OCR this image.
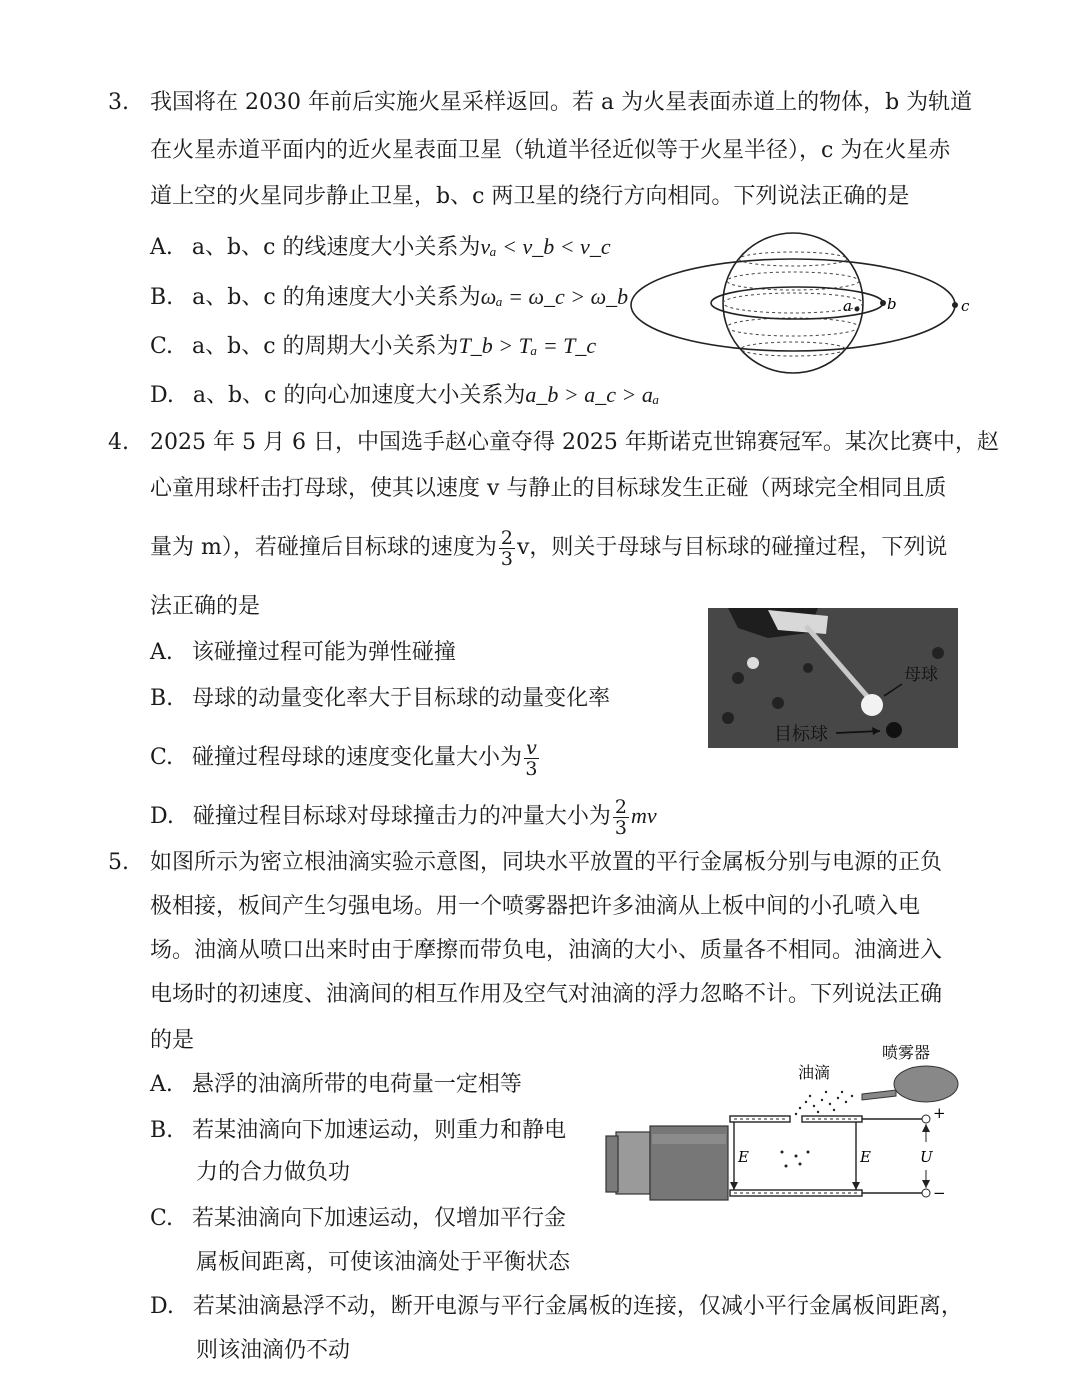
3. 我国将在 2030 年前后实施火星采样返回。若 a 为火星表面赤道上的物体，b 为轨道
在火星赤道平面内的近火星表面卫星（轨道半径近似等于火星半径），c 为在火星赤
道上空的火星同步静止卫星，b、c 两卫星的绕行方向相同。下列说法正确的是
A. a、b、c 的线速度大小关系为vₐ < v_b < v_c
B. a、b、c 的角速度大小关系为ωₐ = ω_c > ω_b
C. a、b、c 的周期大小关系为T_b > Tₐ = T_c
D. a、b、c 的向心加速度大小关系为a_b > a_c > aₐ
a b	c
4. 2025 年 5 月 6 日，中国选手赵心童夺得 2025 年斯诺克世锦赛冠军。某次比赛中，赵
心童用球杆击打母球，使其以速度 v 与静止的目标球发生正碰（两球完全相同且质
量为 m），若碰撞后目标球的速度为 $\frac{2}{3}$ v，则关于母球与目标球的碰撞过程，下列说
法正确的是
A. 该碰撞过程可能为弹性碰撞
B. 母球的动量变化率大于目标球的动量变化率
C. 碰撞过程母球的速度变化量大小为 $\frac{v}{3}$
D. 碰撞过程目标球对母球撞击力的冲量大小为 $\frac{2}{3}$ mv
母球
目标球
5. 如图所示为密立根油滴实验示意图，同块水平放置的平行金属板分别与电源的正负
极相接，板间产生匀强电场。用一个喷雾器把许多油滴从上板中间的小孔喷入电
场。油滴从喷口出来时由于摩擦而带负电，油滴的大小、质量各不相同。油滴进入
电场时的初速度、油滴间的相互作用及空气对油滴的浮力忽略不计。下列说法正确
的是
A. 悬浮的油滴所带的电荷量一定相等
B. 若某油滴向下加速运动，则重力和静电
力的合力做负功
C. 若某油滴向下加速运动，仅增加平行金
属板间距离，可使该油滴处于平衡状态
D. 若某油滴悬浮不动，断开电源与平行金属板的连接，仅减小平行金属板间距离，
则该油滴仍不动
E	E
油滴
喷雾器
+
−
U
